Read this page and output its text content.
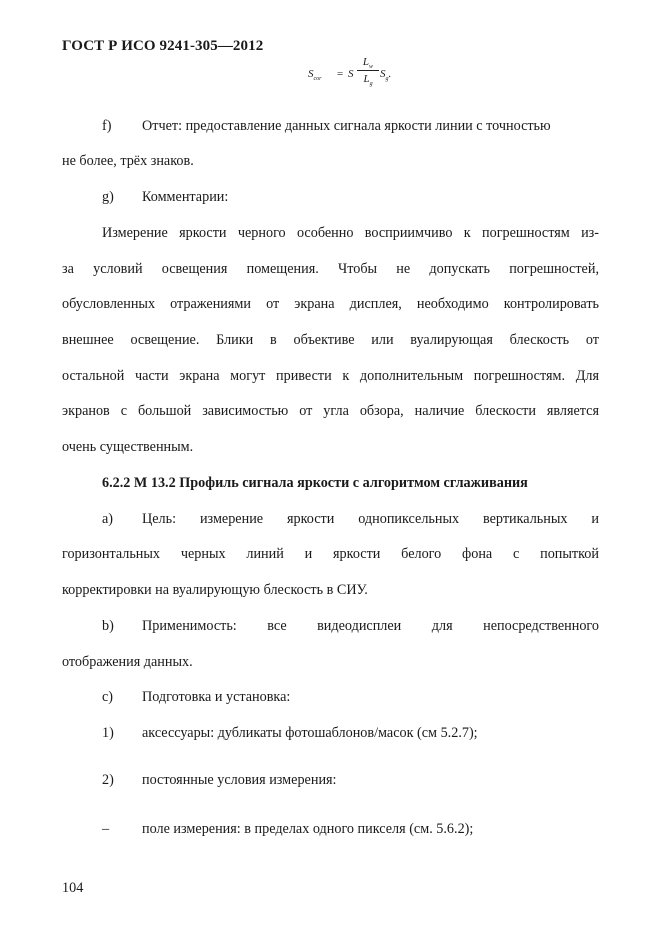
ГОСТ Р ИСО 9241-305—2012
$S_{cor} = S$
$L_w$
$L_g$
$S_g$.
f)	Отчет: предоставление данных сигнала яркости линии с точностью
не более, трёх знаков.
g)	Комментарии:
Измерение яркости черного особенно восприимчиво к погрешностям из-
за условий освещения помещения. Чтобы не допускать погрешностей,
обусловленных отражениями от экрана дисплея, необходимо контролировать
внешнее освещение. Блики в объективе или вуалирующая блескость от
остальной части экрана могут привести к дополнительным погрешностям. Для
экранов с большой зависимостью от угла обзора, наличие блескости является
очень существенным.
6.2.2 М 13.2 Профиль сигнала яркости с алгоритмом сглаживания
a)	Цель: измерение яркости однопиксельных вертикальных и
горизонтальных черных линий и яркости белого фона с попыткой
корректировки на вуалирующую блескость в СИУ.
b)	Применимость: все видеодисплеи для непосредственного
отображения данных.
c)	Подготовка и установка:
1)	аксессуары: дубликаты фотошаблонов/масок (см 5.2.7);
2)	постоянные условия измерения:
–	поле измерения: в пределах одного пикселя (см. 5.6.2);
104
